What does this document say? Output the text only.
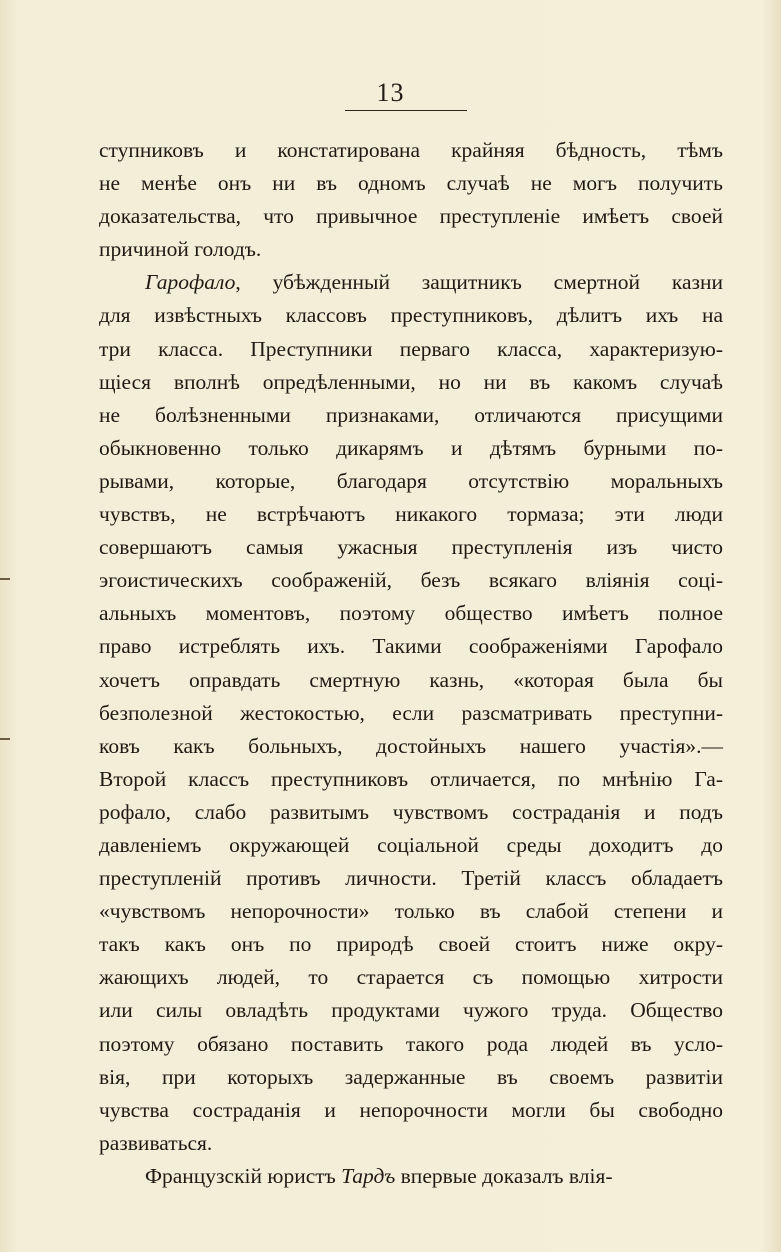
13
ступниковъ и констатирована крайняя бѣдность, тѣмъ
не менѣе онъ ни въ одномъ случаѣ не могъ получить
доказательства, что привычное преступленіе имѣетъ своей
причиной голодъ.
Гарофало, убѣжденный защитникъ смертной казни
для извѣстныхъ классовъ преступниковъ, дѣлитъ ихъ на
три класса. Преступники перваго класса, характеризую-
щіеся вполнѣ опредѣленными, но ни въ какомъ случаѣ
не болѣзненными признаками, отличаются присущими
обыкновенно только дикарямъ и дѣтямъ бурными по-
рывами, которые, благодаря отсутствію моральныхъ
чувствъ, не встрѣчаютъ никакого тормаза; эти люди
совершаютъ самыя ужасныя преступленія изъ чисто
эгоистическихъ соображеній, безъ всякаго вліянія соці-
альныхъ моментовъ, поэтому общество имѣетъ полное
право истреблять ихъ. Такими соображеніями Гарофало
хочетъ оправдать смертную казнь, «которая была бы
безполезной жестокостью, если разсматривать преступни-
ковъ какъ больныхъ, достойныхъ нашего участія».—
Второй классъ преступниковъ отличается, по мнѣнію Га-
рофало, слабо развитымъ чувствомъ состраданія и подъ
давленіемъ окружающей соціальной среды доходитъ до
преступленій противъ личности. Третій классъ обладаетъ
«чувствомъ непорочности» только въ слабой степени и
такъ какъ онъ по природѣ своей стоитъ ниже окру-
жающихъ людей, то старается съ помощью хитрости
или силы овладѣть продуктами чужого труда. Общество
поэтому обязано поставить такого рода людей въ усло-
вія, при которыхъ задержанные въ своемъ развитіи
чувства состраданія и непорочности могли бы свободно
развиваться.
Французскій юристъ Тардъ впервые доказалъ влія-
